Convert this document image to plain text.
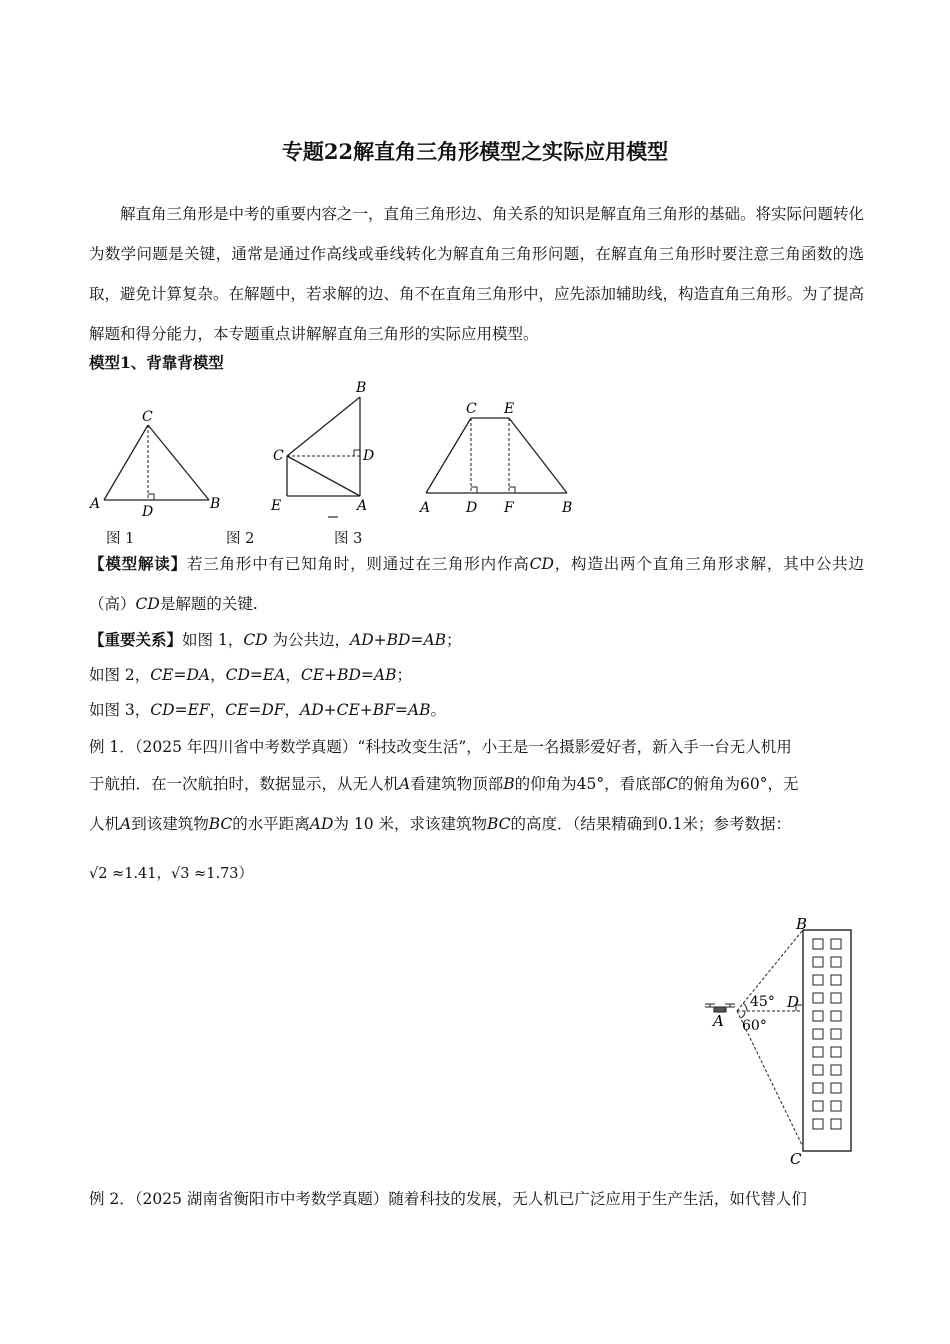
专题22解直角三角形模型之实际应用模型
解直角三角形是中考的重要内容之一，直角三角形边、角关系的知识是解直角三角形的基础。将实际问题转化为数学问题是关键，通常是通过作高线或垂线转化为解直角三角形问题，在解直角三角形时要注意三角函数的选取，避免计算复杂。在解题中，若求解的边、角不在直角三角形中，应先添加辅助线，构造直角三角形。为了提高解题和得分能力，本专题重点讲解解直角三角形的实际应用模型。
模型1、背靠背模型
C
A	B
D
B
C	D
E	A
C E
A	D F	B
图 1	图 2	图 3
【模型解读】若三角形中有已知角时，则通过在三角形内作高CD，构造出两个直角三角形求解，其中公共边（高）CD是解题的关键.
【重要关系】如图 1，CD 为公共边，AD+BD=AB；
如图 2，CE=DA，CD=EA，CE+BD=AB；
如图 3，CD=EF，CE=DF，AD+CE+BF=AB。
例 1．（2025 年四川省中考数学真题）“科技改变生活”，小王是一名摄影爱好者，新入手一台无人机用
于航拍．在一次航拍时，数据显示，从无人机A看建筑物顶部B的仰角为45°，看底部C的俯角为60°，无
人机A到该建筑物BC的水平距离AD为 10 米，求该建筑物BC的高度．（结果精确到0.1米；参考数据：
√2 ≈1.41，√3 ≈1.73）
B
D
A
C
45°
60°
例 2．（2025 湖南省衡阳市中考数学真题）随着科技的发展，无人机已广泛应用于生产生活，如代替人们
